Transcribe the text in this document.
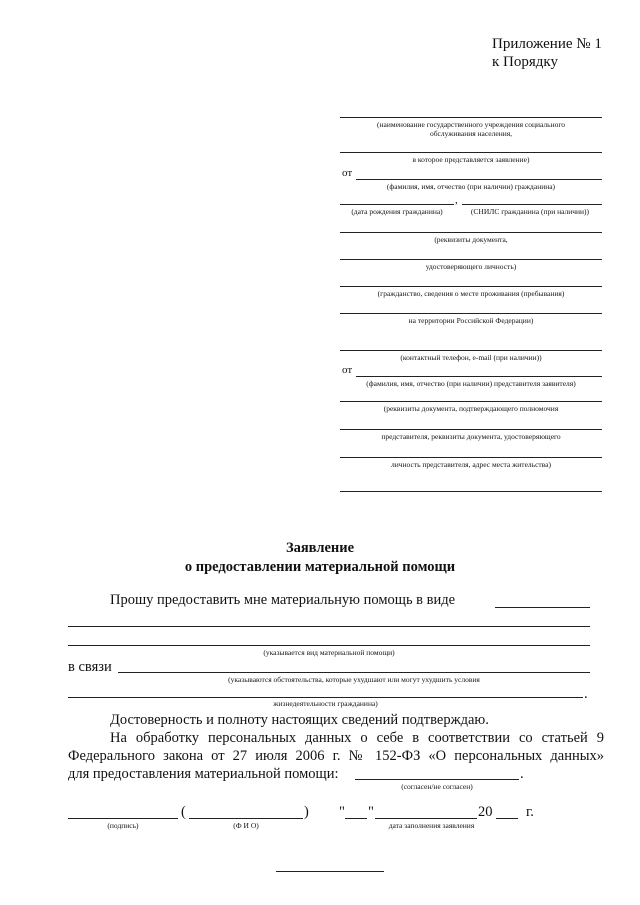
Приложение № 1
к Порядку
(наименование государственного учреждения социального
обслуживания населения,
в которое представляется заявление)
от
(фамилия, имя, отчество (при наличии) гражданина)
,
(дата рождения гражданина)	(СНИЛС гражданина (при наличии))
(реквизиты документа,
удостоверяющего личность)
(гражданство, сведения о месте проживания (пребывания)
на территории Российской Федерации)
(контактный телефон, e-mail (при наличии))
от
(фамилия, имя, отчество (при наличии) представителя заявителя)
(реквизиты документа, подтверждающего полномочия
представителя, реквизиты документа, удостоверяющего
личность представителя, адрес места жительства)
Заявление
о предоставлении материальной помощи
Прошу предоставить мне материальную помощь в виде
(указывается вид материальной помощи)
в связи
(указываются обстоятельства, которые ухудшают или могут ухудшить условия
.
жизнедеятельности гражданина)
Достоверность и полноту настоящих сведений подтверждаю.
На обработку персональных данных о себе в соответствии со статьей 9
Федерального закона от 27 июля 2006 г. № 152-ФЗ «О персональных данных»
для предоставления материальной помощи:	.
(согласен/не согласен)
(	) " "	20 г.
(подпись)	(Ф И О)	дата заполнения заявления
